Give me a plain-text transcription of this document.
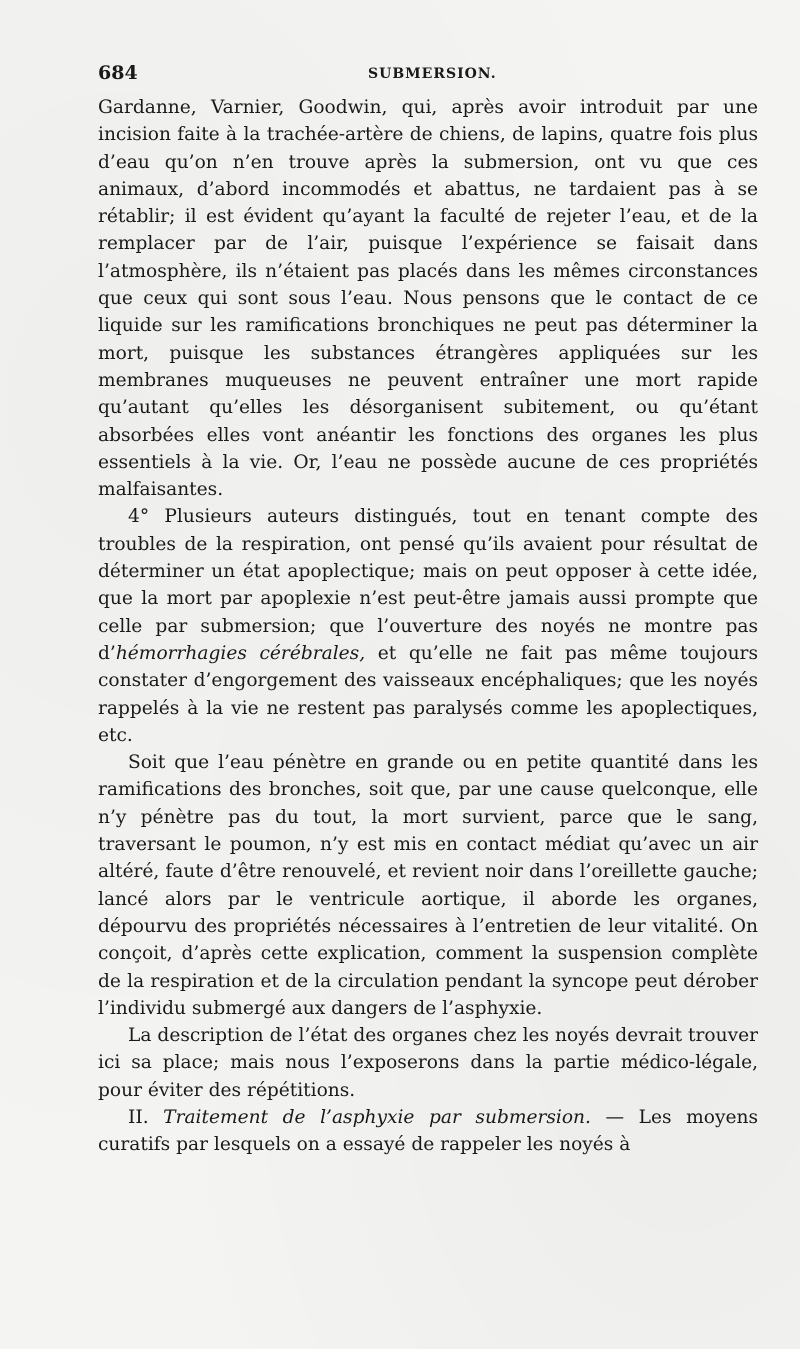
684	SUBMERSION.

Gardanne, Varnier, Goodwin, qui, après avoir introduit par une incision faite à la trachée-artère de chiens, de lapins, quatre fois plus d’eau qu’on n’en trouve après la submersion, ont vu que ces animaux, d’abord incommodés et abattus, ne tardaient pas à se rétablir; il est évident qu’ayant la faculté de rejeter l’eau, et de la remplacer par de l’air, puisque l’expérience se faisait dans l’atmosphère, ils n’étaient pas placés dans les mêmes circonstances que ceux qui sont sous l’eau. Nous pensons que le contact de ce liquide sur les ramifications bronchiques ne peut pas déterminer la mort, puisque les substances étrangères appliquées sur les membranes muqueuses ne peuvent entraîner une mort rapide qu’autant qu’elles les désorganisent subitement, ou qu’étant absorbées elles vont anéantir les fonctions des organes les plus essentiels à la vie. Or, l’eau ne possède aucune de ces propriétés malfaisantes.

4° Plusieurs auteurs distingués, tout en tenant compte des troubles de la respiration, ont pensé qu’ils avaient pour résultat de déterminer un état apoplectique; mais on peut opposer à cette idée, que la mort par apoplexie n’est peut-être jamais aussi prompte que celle par submersion; que l’ouverture des noyés ne montre pas d’hémorrhagies cérébrales, et qu’elle ne fait pas même toujours constater d’engorgement des vaisseaux encéphaliques; que les noyés rappelés à la vie ne restent pas paralysés comme les apoplectiques, etc.

Soit que l’eau pénètre en grande ou en petite quantité dans les ramifications des bronches, soit que, par une cause quelconque, elle n’y pénètre pas du tout, la mort survient, parce que le sang, traversant le poumon, n’y est mis en contact médiat qu’avec un air altéré, faute d’être renouvelé, et revient noir dans l’oreillette gauche; lancé alors par le ventricule aortique, il aborde les organes, dépourvu des propriétés nécessaires à l’entretien de leur vitalité. On conçoit, d’après cette explication, comment la suspension complète de la respiration et de la circulation pendant la syncope peut dérober l’individu submergé aux dangers de l’asphyxie.

La description de l’état des organes chez les noyés devrait trouver ici sa place; mais nous l’exposerons dans la partie médico-légale, pour éviter des répétitions.

II. Traitement de l’asphyxie par submersion. — Les moyens curatifs par lesquels on a essayé de rappeler les noyés à
